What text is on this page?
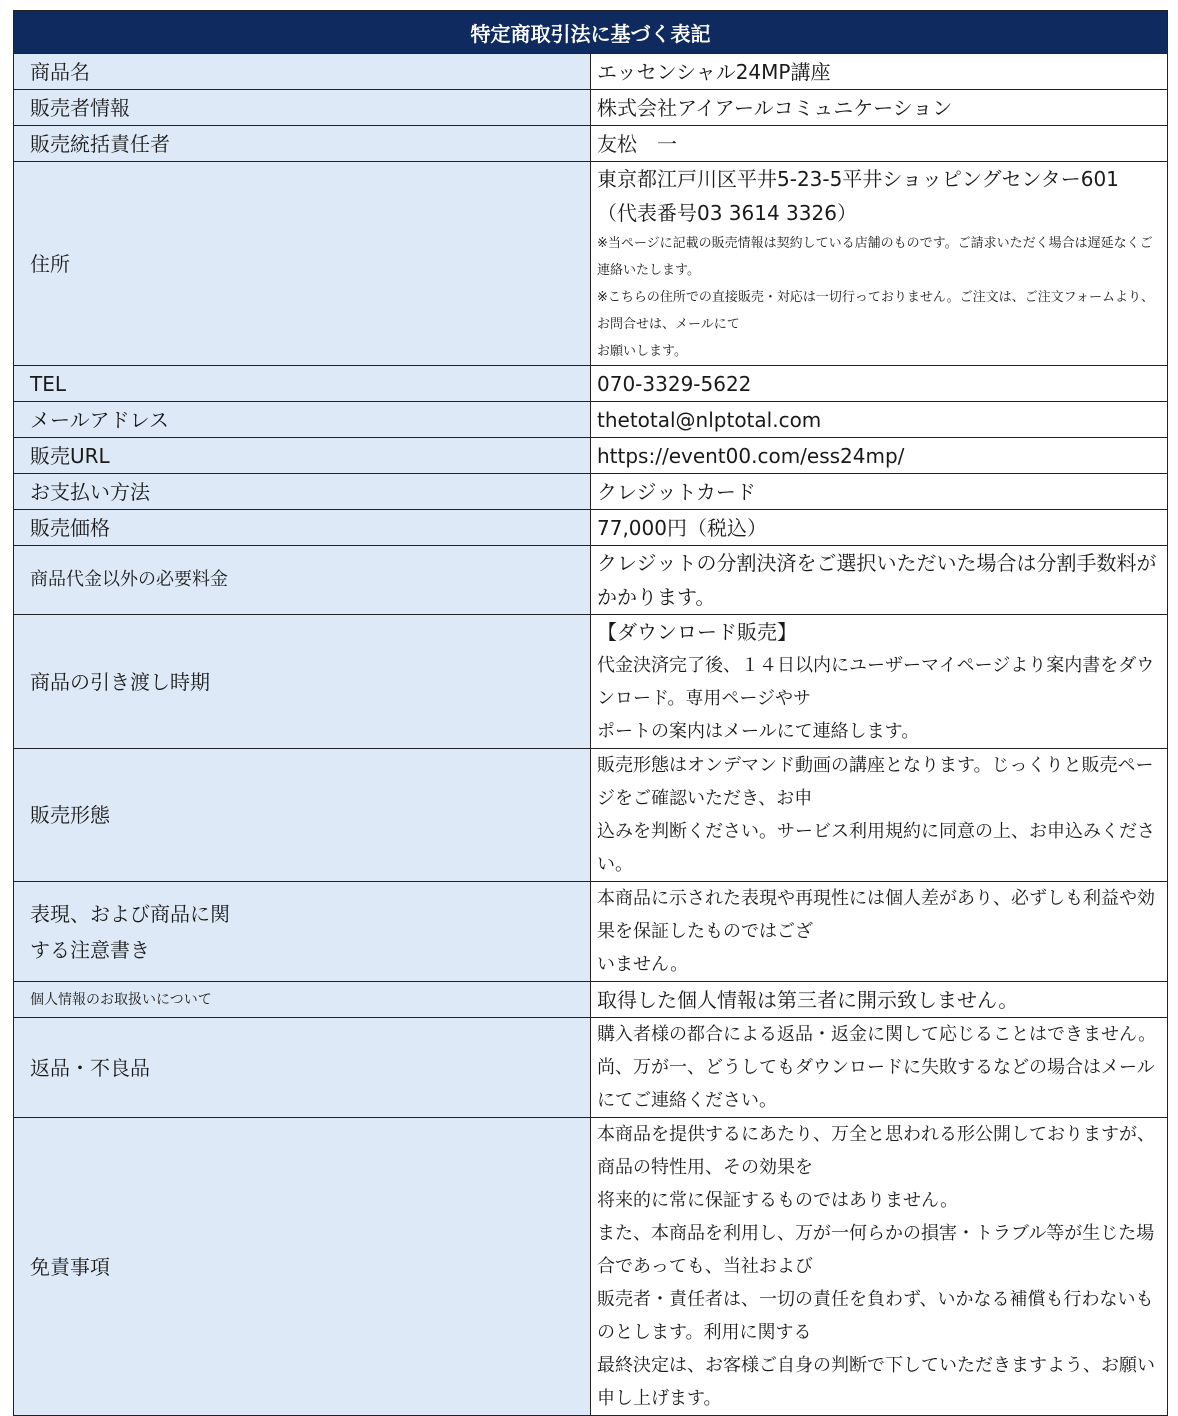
特定商取引法に基づく表記	
商品名	エッセンシャル24MP講座
販売者情報	株式会社アイアールコミュニケーション
販売統括責任者	友松　一
住所	東京都江戸川区平井5-23-5平井ショッピングセンター601 （代表番号03 3614 3326）
※当ページに記載の販売情報は契約している店舗のものです。ご請求いただく場合は遅延なくご連絡いたします。
※こちらの住所での直接販売・対応は一切行っておりません。ご注文は、ご注文フォームより、お問合せは、メールにて
お願いします。

TEL	070-3329-5622
メールアドレス	thetotal@nlptotal.com
販売URL	https://event00.com/ess24mp/
お支払い方法	クレジットカード
販売価格	77,000円（税込）
商品代金以外の必要料金	クレジットの分割決済をご選択いただいた場合は分割手数料がかかります。
商品の引き渡し時期	【ダウンロード販売】
代金決済完了後、１４日以内にユーザーマイページより案内書をダウンロード。専用ページやサ
ポートの案内はメールにて連絡します。

販売形態	販売形態はオンデマンド動画の講座となります。じっくりと販売ページをご確認いただき、お申
込みを判断ください。サービス利用規約に同意の上、お申込みください。

表現、および商品に関
する注意書き	本商品に示された表現や再現性には個人差があり、必ずしも利益や効果を保証したものではござ
いません。

個人情報のお取扱いについて	取得した個人情報は第三者に開示致しません。
返品・不良品	購入者様の都合による返品・返金に関して応じることはできません。
尚、万が一、どうしてもダウンロードに失敗するなどの場合はメールにてご連絡ください。

免責事項	本商品を提供するにあたり、万全と思われる形公開しておりますが、商品の特性用、その効果を
将来的に常に保証するものではありません。
また、本商品を利用し、万が一何らかの損害・トラブル等が生じた場合であっても、当社および
販売者・責任者は、一切の責任を負わず、いかなる補償も行わないものとします。利用に関する
最終決定は、お客様ご自身の判断で下していただきますよう、お願い申し上げます。
